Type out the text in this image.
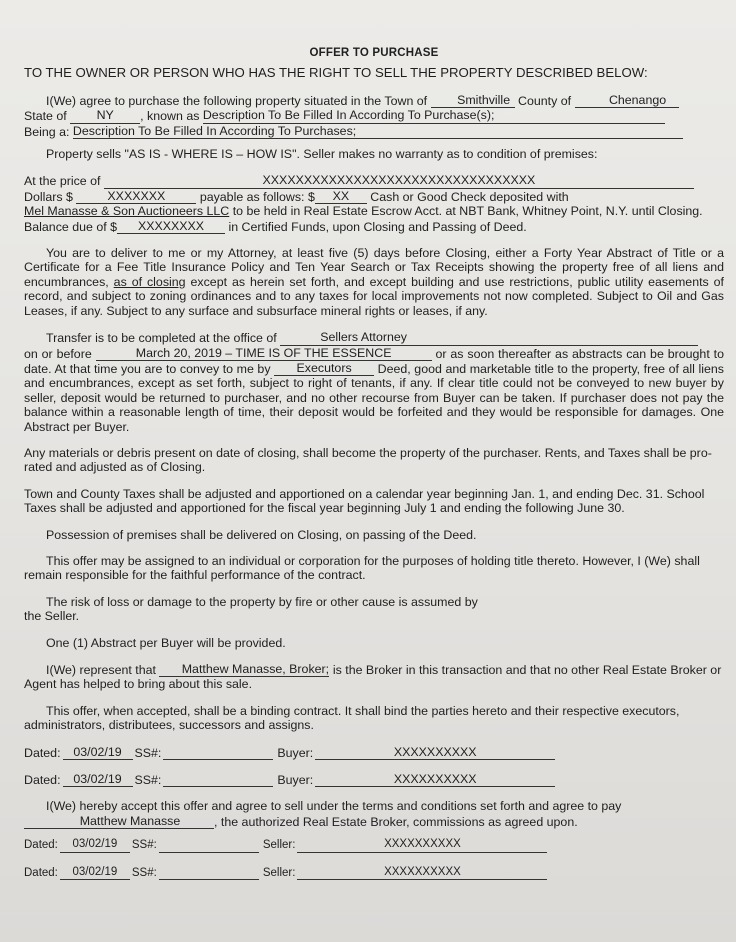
OFFER TO PURCHASE

TO THE OWNER OR PERSON WHO HAS THE RIGHT TO SELL THE PROPERTY DESCRIBED BELOW:

I(We) agree to purchase the following property situated in the Town of Smithville County of	Chenango
State of NY , known as Description To Be Filled In According To Purchase(s);
Being a: Description To Be Filled In According To Purchases;

Property sells "AS IS - WHERE IS – HOW IS". Seller makes no warranty as to condition of premises:

At the price of	XXXXXXXXXXXXXXXXXXXXXXXXXXXXXXXXX
Dollars $	XXXXXXX	payable as follows: $ XX Cash or Good Check deposited with
Mel Manasse & Son Auctioneers LLC to be held in Real Estate Escrow Acct. at NBT Bank, Whitney Point, N.Y. until Closing.
Balance due of $ XXXXXXXX in Certified Funds, upon Closing and Passing of Deed.

You are to deliver to me or my Attorney, at least five (5) days before Closing, either a Forty Year Abstract of Title or a Certificate for a Fee Title Insurance Policy and Ten Year Search or Tax Receipts showing the property free of all liens and encumbrances, as of closing except as herein set forth, and except building and use restrictions, public utility easements of record, and subject to zoning ordinances and to any taxes for local improvements not now completed. Subject to Oil and Gas Leases, if any. Subject to any surface and subsurface mineral rights or leases, if any.

Transfer is to be completed at the office of	Sellers Attorney

on or before	March 20, 2019 – TIME IS OF THE ESSENCE	or as soon thereafter as abstracts can be brought to date. At that time you are to convey to me by Executors Deed, good and marketable title to the property, free of all liens and encumbrances, except as set forth, subject to right of tenants, if any. If clear title could not be conveyed to new buyer by seller, deposit would be returned to purchaser, and no other recourse from Buyer can be taken. If purchaser does not pay the balance within a reasonable length of time, their deposit would be forfeited and they would be responsible for damages. One Abstract per Buyer.

Any materials or debris present on date of closing, shall become the property of the purchaser. Rents, and Taxes shall be pro-rated and adjusted as of Closing.

Town and County Taxes shall be adjusted and apportioned on a calendar year beginning Jan. 1, and ending Dec. 31. School Taxes shall be adjusted and apportioned for the fiscal year beginning July 1 and ending the following June 30.

Possession of premises shall be delivered on Closing, on passing of the Deed.

This offer may be assigned to an individual or corporation for the purposes of holding title thereto. However, I (We) shall remain responsible for the faithful performance of the contract.

The risk of loss or damage to the property by fire or other cause is assumed by the Seller.

One (1) Abstract per Buyer will be provided.

I(We) represent that Matthew Manasse, Broker; is the Broker in this transaction and that no other Real Estate Broker or Agent has helped to bring about this sale.

This offer, when accepted, shall be a binding contract. It shall bind the parties hereto and their respective executors, administrators, distributees, successors and assigns.

Dated:	03/02/19	SS#:	Buyer:	XXXXXXXXXX
Dated:	03/02/19	SS#:	Buyer:	XXXXXXXXXX

I(We) hereby accept this offer and agree to sell under the terms and conditions set forth and agree to pay Matthew Manasse	, the authorized Real Estate Broker, commissions as agreed upon.

Dated:	03/02/19	SS#:	Seller:	XXXXXXXXXX
Dated:	03/02/19	SS#:	Seller:	XXXXXXXXXX
